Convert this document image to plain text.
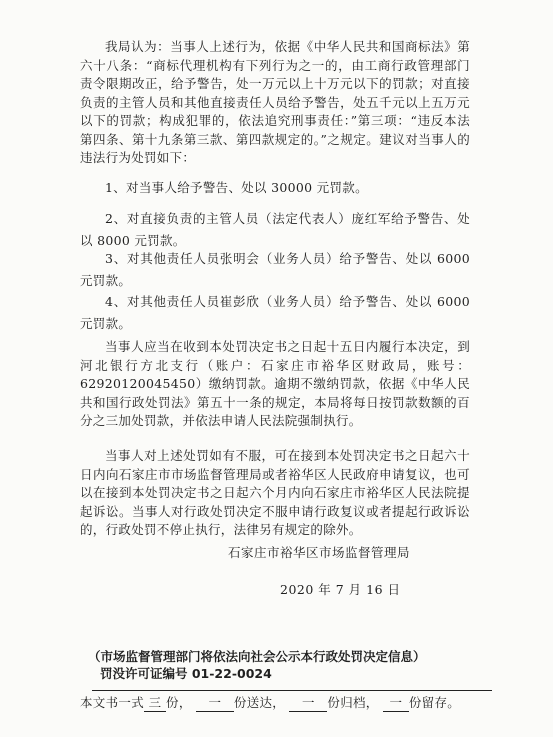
我局认为：当事人上述行为，依据《中华人民共和国商标法》第六十八条：“商标代理机构有下列行为之一的，由工商行政管理部门责令限期改正，给予警告，处一万元以上十万元以下的罚款；对直接负责的主管人员和其他直接责任人员给予警告，处五千元以上五万元以下的罚款；构成犯罪的，依法追究刑事责任：”第三项：“违反本法第四条、第十九条第三款、第四款规定的。”之规定。建议对当事人的违法行为处罚如下：
1、对当事人给予警告、处以 30000 元罚款。
2、对直接负责的主管人员（法定代表人）庞红军给予警告、处以 8000 元罚款。
3、对其他责任人员张明会（业务人员）给予警告、处以 6000 元罚款。
4、对其他责任人员崔彭欣（业务人员）给予警告、处以 6000 元罚款。
当事人应当在收到本处罚决定书之日起十五日内履行本决定，到河北银行方北支行（账户：石家庄市裕华区财政局，账号：62920120045450）缴纳罚款。逾期不缴纳罚款，依据《中华人民共和国行政处罚法》第五十一条的规定，本局将每日按罚款数额的百分之三加处罚款，并依法申请人民法院强制执行。
当事人对上述处罚如有不服，可在接到本处罚决定书之日起六十日内向石家庄市市场监督管理局或者裕华区人民政府申请复议，也可以在接到本处罚决定书之日起六个月内向石家庄市裕华区人民法院提起诉讼。当事人对行政处罚决定不服申请行政复议或者提起行政诉讼的，行政处罚不停止执行，法律另有规定的除外。
石家庄市裕华区市场监督管理局
2020 年 7 月 16 日
（市场监督管理部门将依法向社会公示本行政处罚决定信息）
罚没许可证编号 01-22-0024
本文书一式 三 份， 一 份送达， 一 份归档， 一 份留存。
